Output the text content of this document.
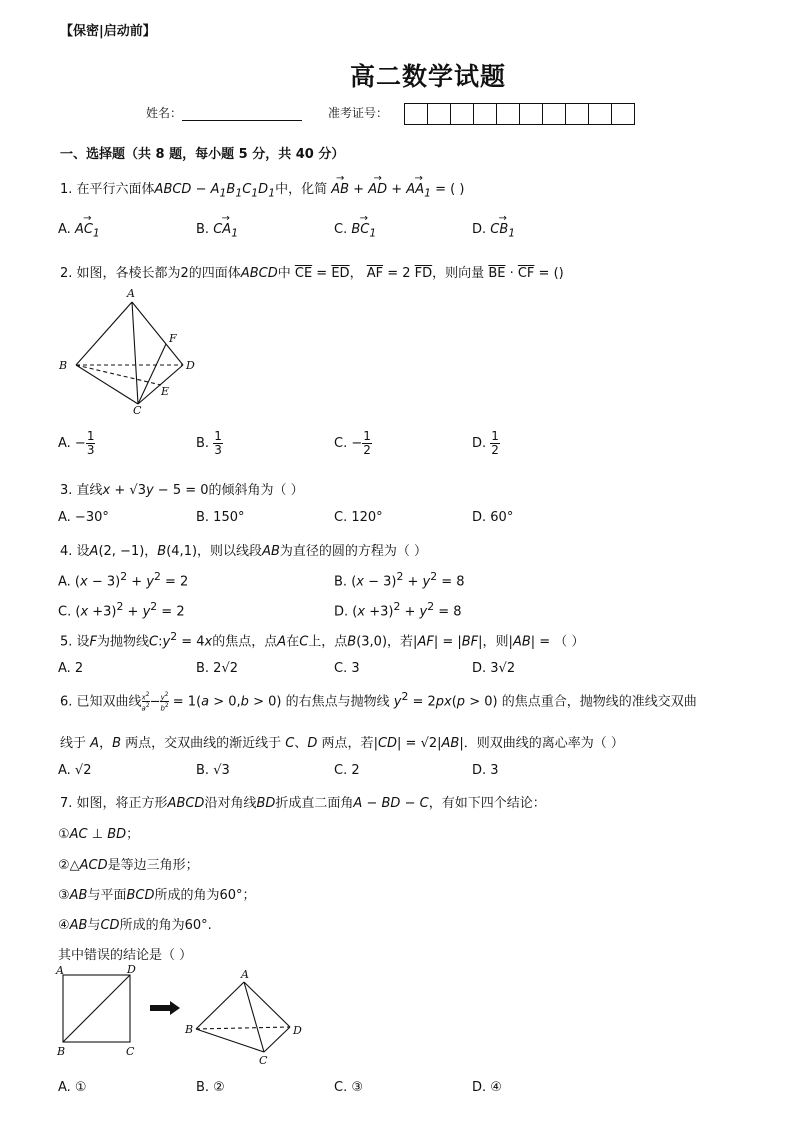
【保密|启动前】
高二数学试题
姓名：	准考证号：
一、选择题（共 8 题，每小题 5 分，共 40 分）
1. 在平行六面体ABCD − $A_1B_1C_1D_1$中，化简 → AB + → AD + → $AA_1$ = ( )
A. → $AC_1$	B. → $CA_1$	C. → $BC_1$	D. → $CB_1$
2. 如图，各棱长都为2的四面体ABCD中 $\overline{CE} = \overline{ED}$， $\overline{AF} = 2$ $\overline{FD}$，则向量 $\overline{BE} \cdot \overline{CF}$ = ()
A
B
C
D
E
F
A. − $\frac{1}{3}$	B. $\frac{1}{3}$	C. − $\frac{1}{2}$	D. $\frac{1}{2}$
3. 直线x + √3y − 5 = 0的倾斜角为（ ）
A. −30°	B. 150°	C. 120°	D. 60°
4. 设A(2, −1)，B(4,1)，则以线段AB为直径的圆的方程为（ ）
A. $(x - 3)^2 + y^2 = 2$	B. $(x - 3)^2 + y^2 = 8$
C. $(x +3)^2 + y^2 = 2$	D. $(x +3)^2 + y^2 = 8$
5. 设F为抛物线$C:y^2 = 4x$的焦点，点A在C上，点B(3,0)，若|AF| = |BF|，则|AB| = （ ）
A. 2	B. 2√2	C. 3	D. 3√2
6. 已知双曲线 $\frac{x^2}{a^2} - \frac{y^2}{b^2} = 1(a > 0,b > 0)$ 的右焦点与抛物线 $y^2 = 2px(p > 0)$ 的焦点重合，抛物线的准线交双曲
线于 A，B 两点，交双曲线的渐近线于 C、D 两点，若|CD| = √2|AB|．则双曲线的离心率为（ ）
A. √2	B. √3	C. 2	D. 3
7. 如图，将正方形ABCD沿对角线BD折成直二面角A − BD − C，有如下四个结论：
①AC ⊥ BD；
②△ACD是等边三角形；
③AB与平面BCD所成的角为60°；
④AB与CD所成的角为60°.
其中错误的结论是（ ）
A	D
B	C
A
B
C
D
A. ①	B. ②	C. ③	D. ④
